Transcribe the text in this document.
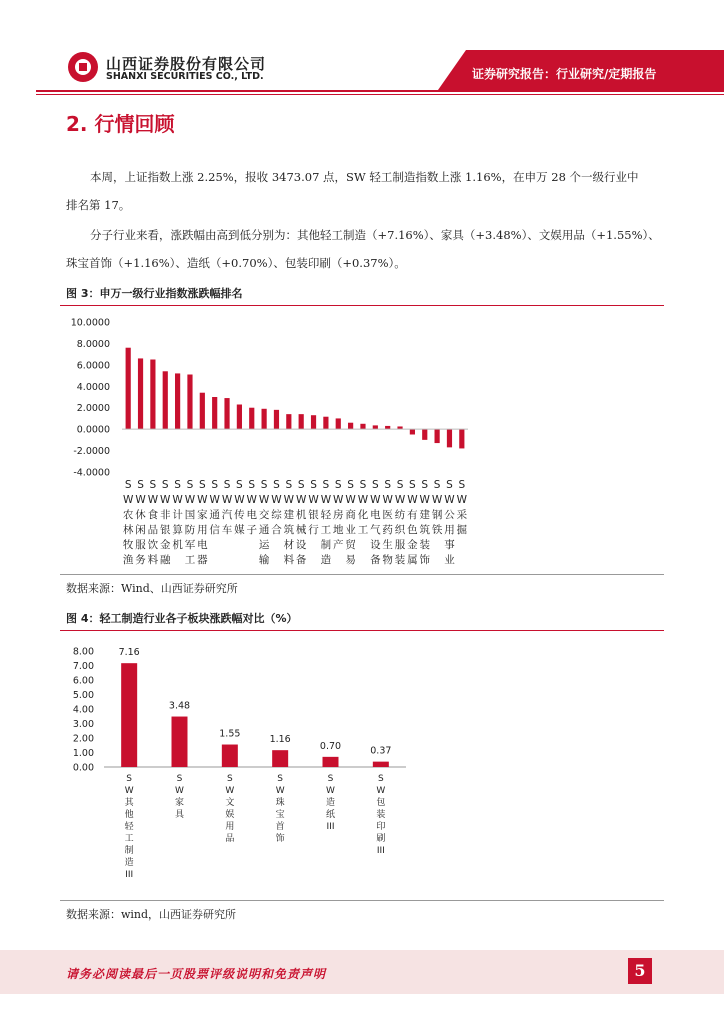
山西证券股份有限公司
SHANXI SECURITIES CO., LTD.	证券研究报告：行业研究/定期报告
2. 行情回顾
本周，上证指数上涨 2.25%，报收 3473.07 点，SW 轻工制造指数上涨 1.16%，在申万 28 个一级行业中
排名第 17。
分子行业来看，涨跌幅由高到低分别为：其他轻工制造（+7.16%）、家具（+3.48%）、文娱用品（+1.55%）、
珠宝首饰（+1.16%）、造纸（+0.70%）、包装印刷（+0.37%）。
图 3：申万一级行业指数涨跌幅排名
10.0000
8.0000
6.0000
4.0000
2.0000
0.0000
-2.0000
-4.0000
S W 农林牧渔
S W 休闲服务
S W 食品饮料
S W 非银金融
S W 计算机
S W 国防军工
S W 家用电器
S W 通信
S W 汽车
S W 传媒
S W 电子
S W 交通运输
S W 综合
S W 建筑材料
S W 机械设备
S W 银行
S W 轻工制造
S W 房地产
S W 商业贸易
S W 化工
S W 电气设备
S W 医药生物
S W 纺织服装
S W 有色金属
S W 建筑装饰
S W 钢铁
S W 公用事业
S W 采掘
数据来源：Wind、山西证券研究所
图 4：轻工制造行业各子板块涨跌幅对比（%）
8.00
7.00
6.00
5.00
4.00
3.00
2.00
1.00
0.00
7.16
3.48
1.55
1.16
0.70	0.37
S W 其他轻工制造 III
S W 家具
S W 文娱用品
S W 珠宝首饰
S W 造纸 III
S W 包装印刷 III
数据来源：wind，山西证券研究所
请务必阅读最后一页股票评级说明和免责声明	5
